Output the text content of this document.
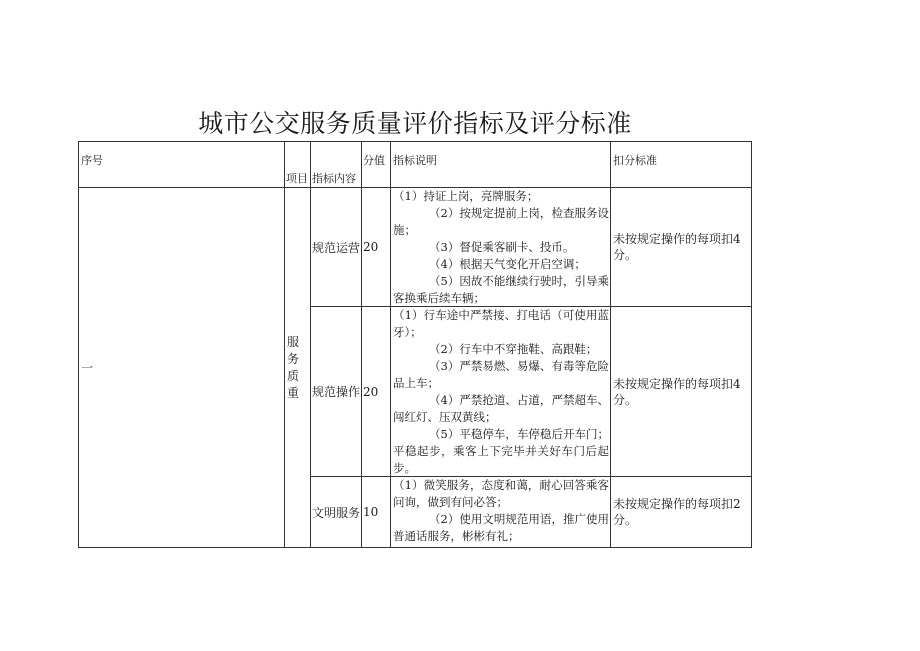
城市公交服务质量评价指标及评分标准
序号	项目	指标内容	分值	指标说明	扣分标准
一	服务质重	规范运营	20	（1）持证上岗，亮牌服务；

（2）按规定提前上岗，检查服务设施；

（3）督促乘客刷卡、投币。

（4）根据天气变化开启空调；

（5）因故不能继续行驶时，引导乘客换乘后续车辆；	未按规定操作的每项扣4分。
		规范操作	20	（1）行车途中严禁接、打电话（可使用蓝牙）；

（2）行车中不穿拖鞋、高跟鞋；

（3）严禁易燃、易爆、有毒等危险品上车；

（4）严禁抢道、占道，严禁超车、闯红灯、压双黄线；

（5）平稳停车，车停稳后开车门；平稳起步，乘客上下完毕并关好车门后起步。	未按规定操作的每项扣4分。
		文明服务	10	（1）微笑服务，态度和蔼，耐心回答乘客问询，做到有问必答；

（2）使用文明规范用语，推广使用普通话服务，彬彬有礼；	未按规定操作的每项扣2分。
